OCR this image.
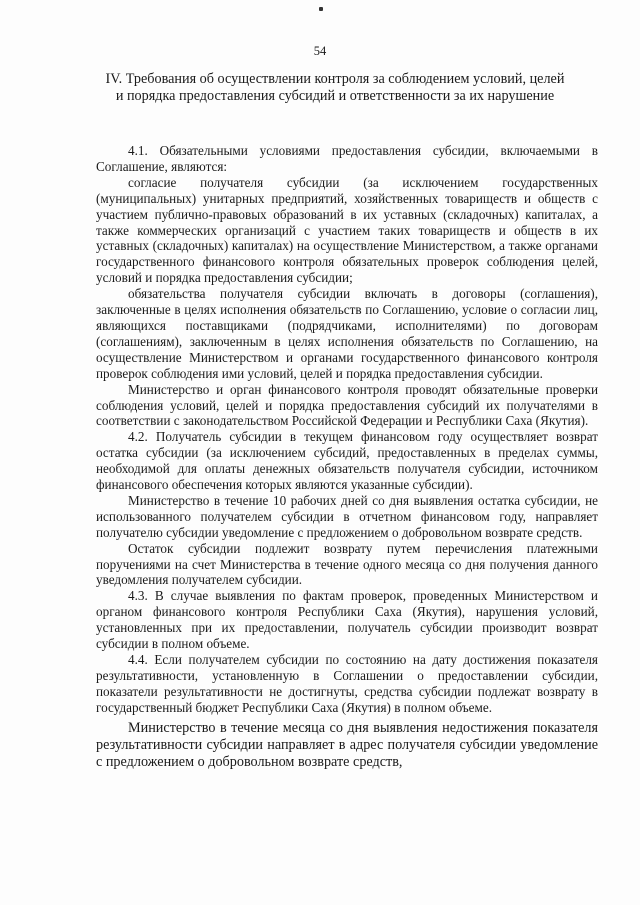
54
IV. Требования об осуществлении контроля за соблюдением условий, целей и порядка предоставления субсидий и ответственности за их нарушение

4.1. Обязательными условиями предоставления субсидии, включаемыми в Соглашение, являются:

согласие получателя субсидии (за исключением государственных (муниципальных) унитарных предприятий, хозяйственных товариществ и обществ с участием публично-правовых образований в их уставных (складочных) капиталах, а также коммерческих организаций с участием таких товариществ и обществ в их уставных (складочных) капиталах) на осуществление Министерством, а также органами государственного финансового контроля обязательных проверок соблюдения целей, условий и порядка предоставления субсидии;

обязательства получателя субсидии включать в договоры (соглашения), заключенные в целях исполнения обязательств по Соглашению, условие о согласии лиц, являющихся поставщиками (подрядчиками, исполнителями) по договорам (соглашениям), заключенным в целях исполнения обязательств по Соглашению, на осуществление Министерством и органами государственного финансового контроля проверок соблюдения ими условий, целей и порядка предоставления субсидии.

Министерство и орган финансового контроля проводят обязательные проверки соблюдения условий, целей и порядка предоставления субсидий их получателями в соответствии с законодательством Российской Федерации и Республики Саха (Якутия).

4.2. Получатель субсидии в текущем финансовом году осуществляет возврат остатка субсидии (за исключением субсидий, предоставленных в пределах суммы, необходимой для оплаты денежных обязательств получателя субсидии, источником финансового обеспечения которых являются указанные субсидии).

Министерство в течение 10 рабочих дней со дня выявления остатка субсидии, не использованного получателем субсидии в отчетном финансовом году, направляет получателю субсидии уведомление с предложением о добровольном возврате средств.

Остаток субсидии подлежит возврату путем перечисления платежными поручениями на счет Министерства в течение одного месяца со дня получения данного уведомления получателем субсидии.

4.3. В случае выявления по фактам проверок, проведенных Министерством и органом финансового контроля Республики Саха (Якутия), нарушения условий, установленных при их предоставлении, получатель субсидии производит возврат субсидии в полном объеме.

4.4. Если получателем субсидии по состоянию на дату достижения показателя результативности, установленную в Соглашении о предоставлении субсидии, показатели результативности не достигнуты, средства субсидии подлежат возврату в государственный бюджет Республики Саха (Якутия) в полном объеме.

Министерство в течение месяца со дня выявления недостижения показателя результативности субсидии направляет в адрес получателя субсидии уведомление с предложением о добровольном возврате средств,
